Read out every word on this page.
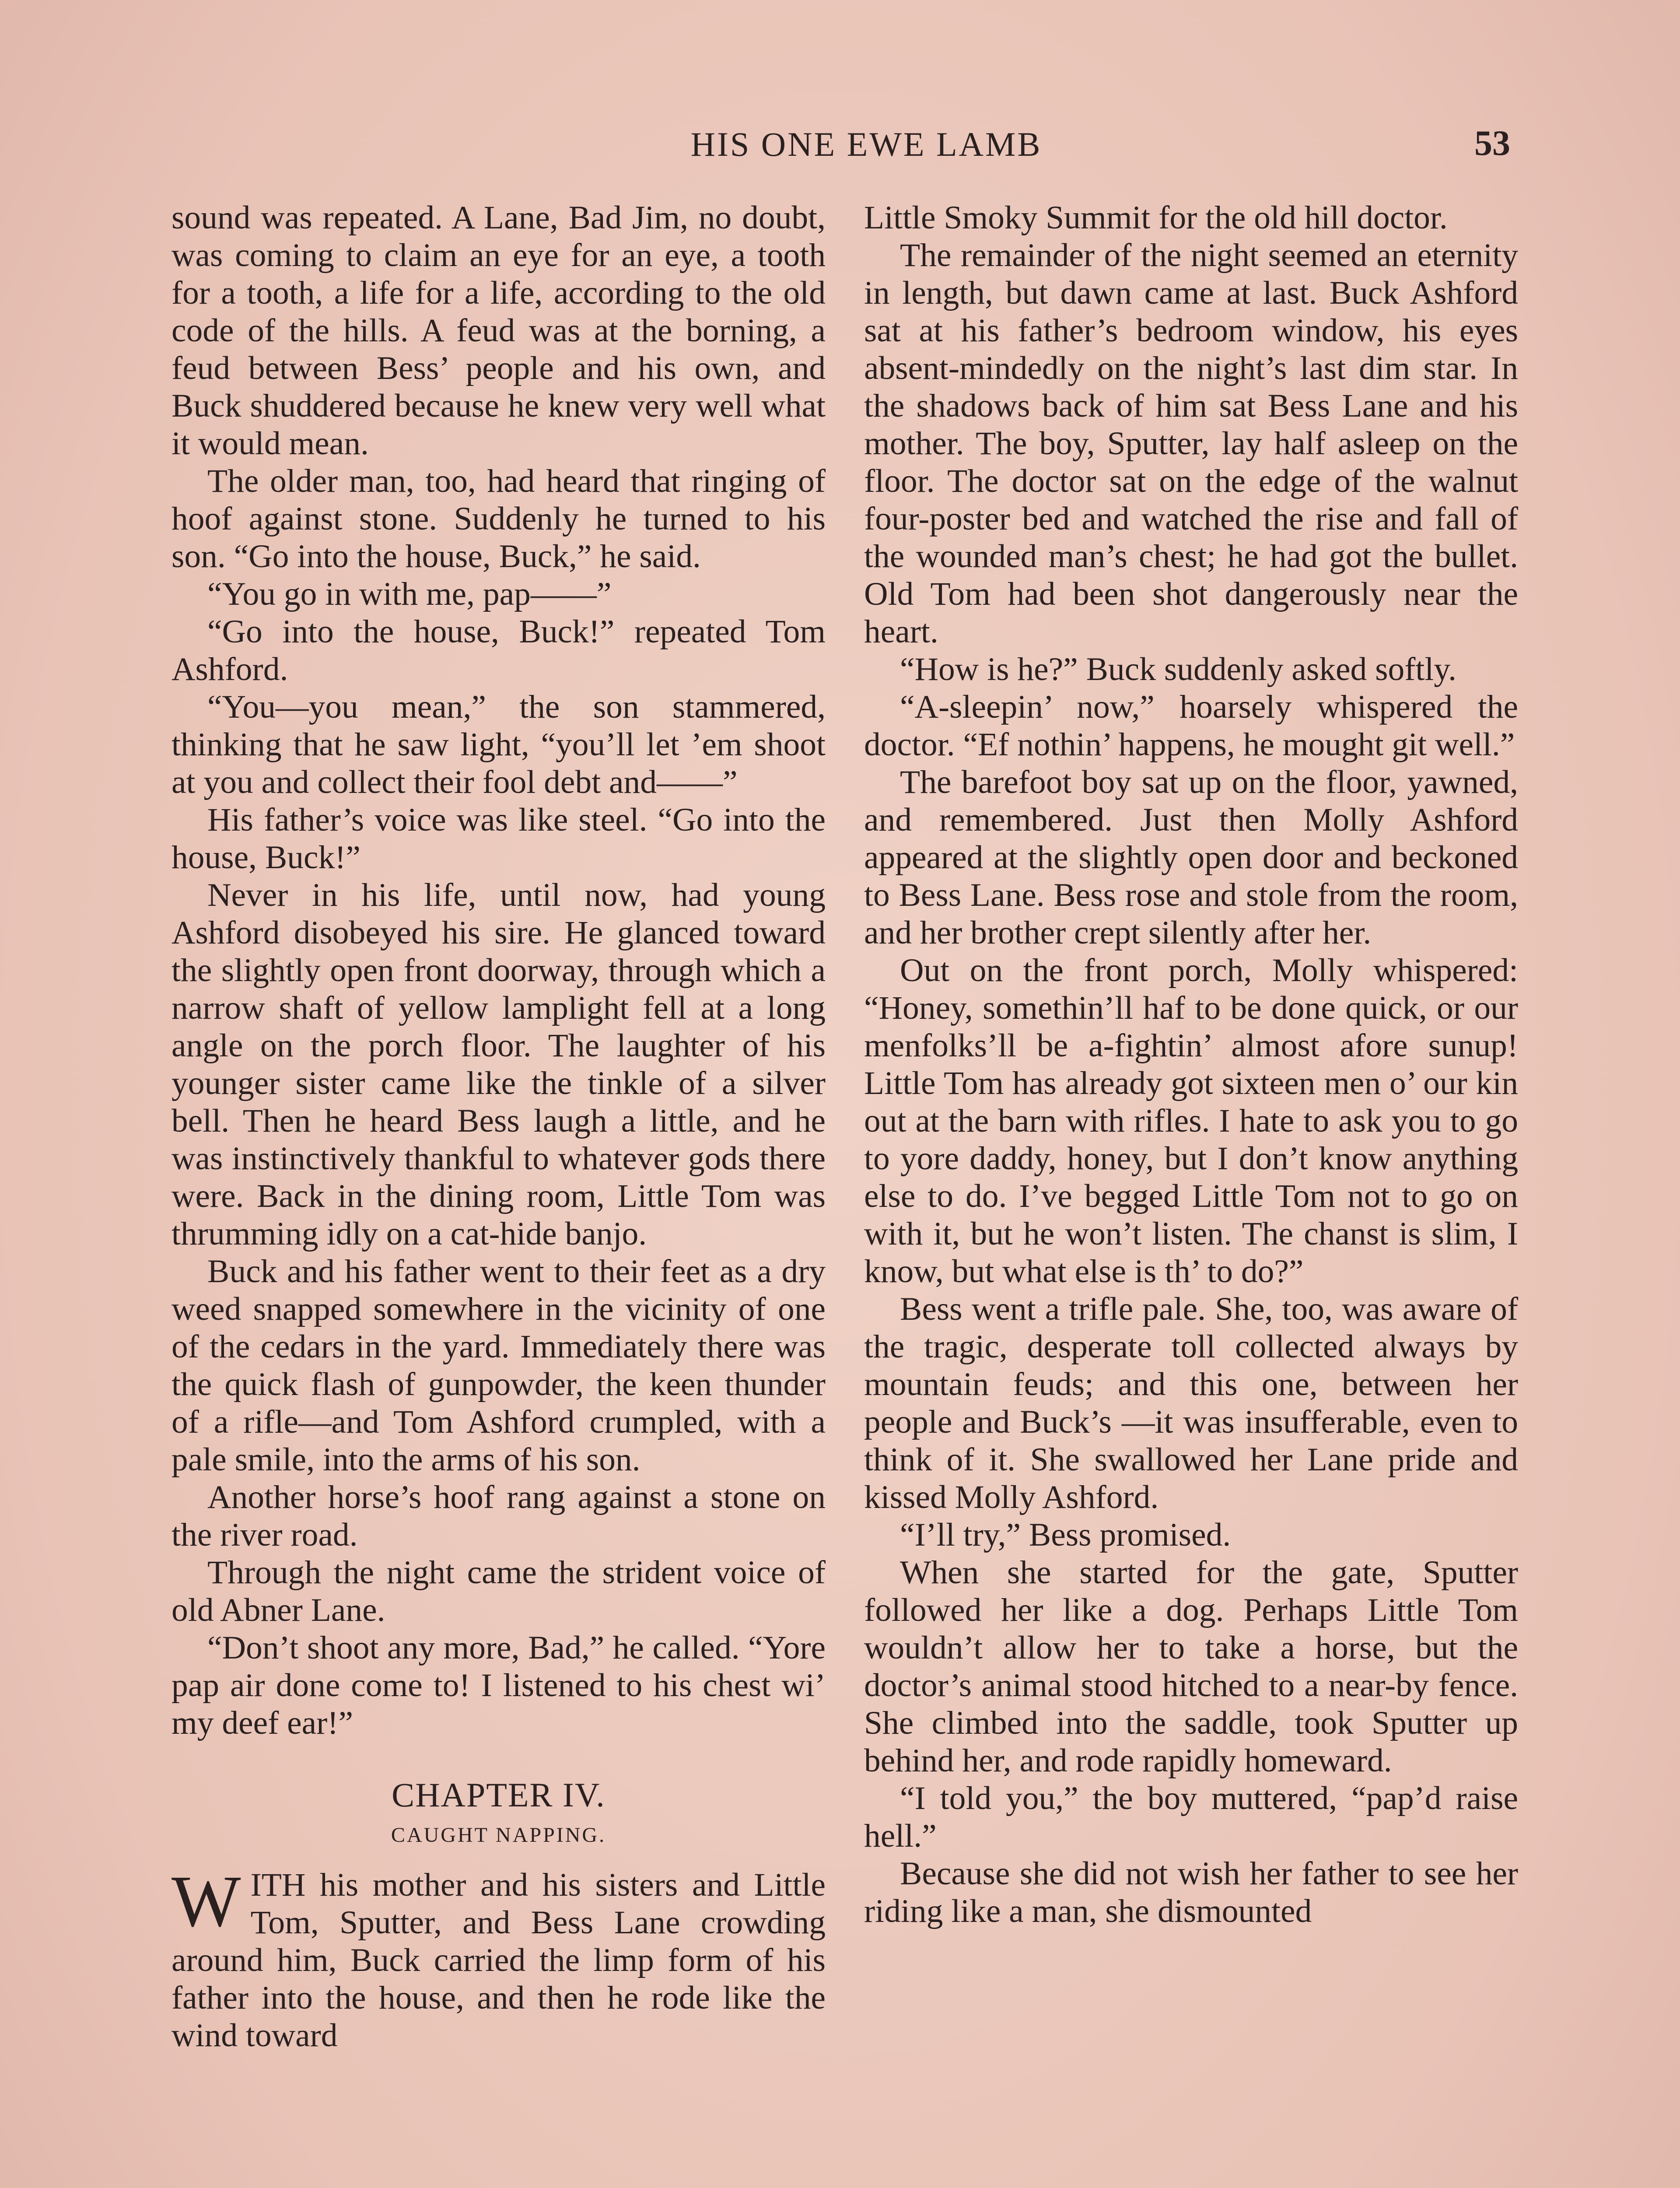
HIS ONE EWE LAMB	53

sound was repeated. A Lane, Bad Jim, no doubt, was coming to claim an eye for an eye, a tooth for a tooth, a life for a life, according to the old code of the hills. A feud was at the borning, a feud between Bess’ people and his own, and Buck shuddered because he knew very well what it would mean.

The older man, too, had heard that ringing of hoof against stone. Suddenly he turned to his son. “Go into the house, Buck,” he said.

“You go in with me, pap——”

“Go into the house, Buck!” repeated Tom Ashford.

“You—you mean,” the son stammered, thinking that he saw light, “you’ll let ’em shoot at you and collect their fool debt and——”

His father’s voice was like steel. “Go into the house, Buck!”

Never in his life, until now, had young Ashford disobeyed his sire. He glanced toward the slightly open front doorway, through which a narrow shaft of yellow lamplight fell at a long angle on the porch floor. The laughter of his younger sister came like the tinkle of a silver bell. Then he heard Bess laugh a little, and he was instinctively thankful to whatever gods there were. Back in the dining room, Little Tom was thrumming idly on a cat-hide banjo.

Buck and his father went to their feet as a dry weed snapped somewhere in the vicinity of one of the cedars in the yard. Immediately there was the quick flash of gunpowder, the keen thunder of a rifle—and Tom Ashford crumpled, with a pale smile, into the arms of his son.

Another horse’s hoof rang against a stone on the river road.

Through the night came the strident voice of old Abner Lane.

“Don’t shoot any more, Bad,” he called. “Yore pap air done come to! I listened to his chest wi’ my deef ear!”

CHAPTER IV.
CAUGHT NAPPING.

WITH his mother and his sisters and Little Tom, Sputter, and Bess Lane crowding around him, Buck carried the limp form of his father into the house, and then he rode like the wind toward

Little Smoky Summit for the old hill doctor.

The remainder of the night seemed an eternity in length, but dawn came at last. Buck Ashford sat at his father’s bedroom window, his eyes absent-mindedly on the night’s last dim star. In the shadows back of him sat Bess Lane and his mother. The boy, Sputter, lay half asleep on the floor. The doctor sat on the edge of the walnut four-poster bed and watched the rise and fall of the wounded man’s chest; he had got the bullet. Old Tom had been shot dangerously near the heart.

“How is he?” Buck suddenly asked softly.

“A-sleepin’ now,” hoarsely whispered the doctor. “Ef nothin’ happens, he mought git well.”

The barefoot boy sat up on the floor, yawned, and remembered. Just then Molly Ashford appeared at the slightly open door and beckoned to Bess Lane. Bess rose and stole from the room, and her brother crept silently after her.

Out on the front porch, Molly whispered: “Honey, somethin’ll haf to be done quick, or our menfolks’ll be a-fightin’ almost afore sunup! Little Tom has already got sixteen men o’ our kin out at the barn with rifles. I hate to ask you to go to yore daddy, honey, but I don’t know anything else to do. I’ve begged Little Tom not to go on with it, but he won’t listen. The chanst is slim, I know, but what else is th’ to do?”

Bess went a trifle pale. She, too, was aware of the tragic, desperate toll collected always by mountain feuds; and this one, between her people and Buck’s —it was insufferable, even to think of it. She swallowed her Lane pride and kissed Molly Ashford.

“I’ll try,” Bess promised.

When she started for the gate, Sputter followed her like a dog. Perhaps Little Tom wouldn’t allow her to take a horse, but the doctor’s animal stood hitched to a near-by fence. She climbed into the saddle, took Sputter up behind her, and rode rapidly homeward.

“I told you,” the boy muttered, “pap’d raise hell.”

Because she did not wish her father to see her riding like a man, she dismounted
